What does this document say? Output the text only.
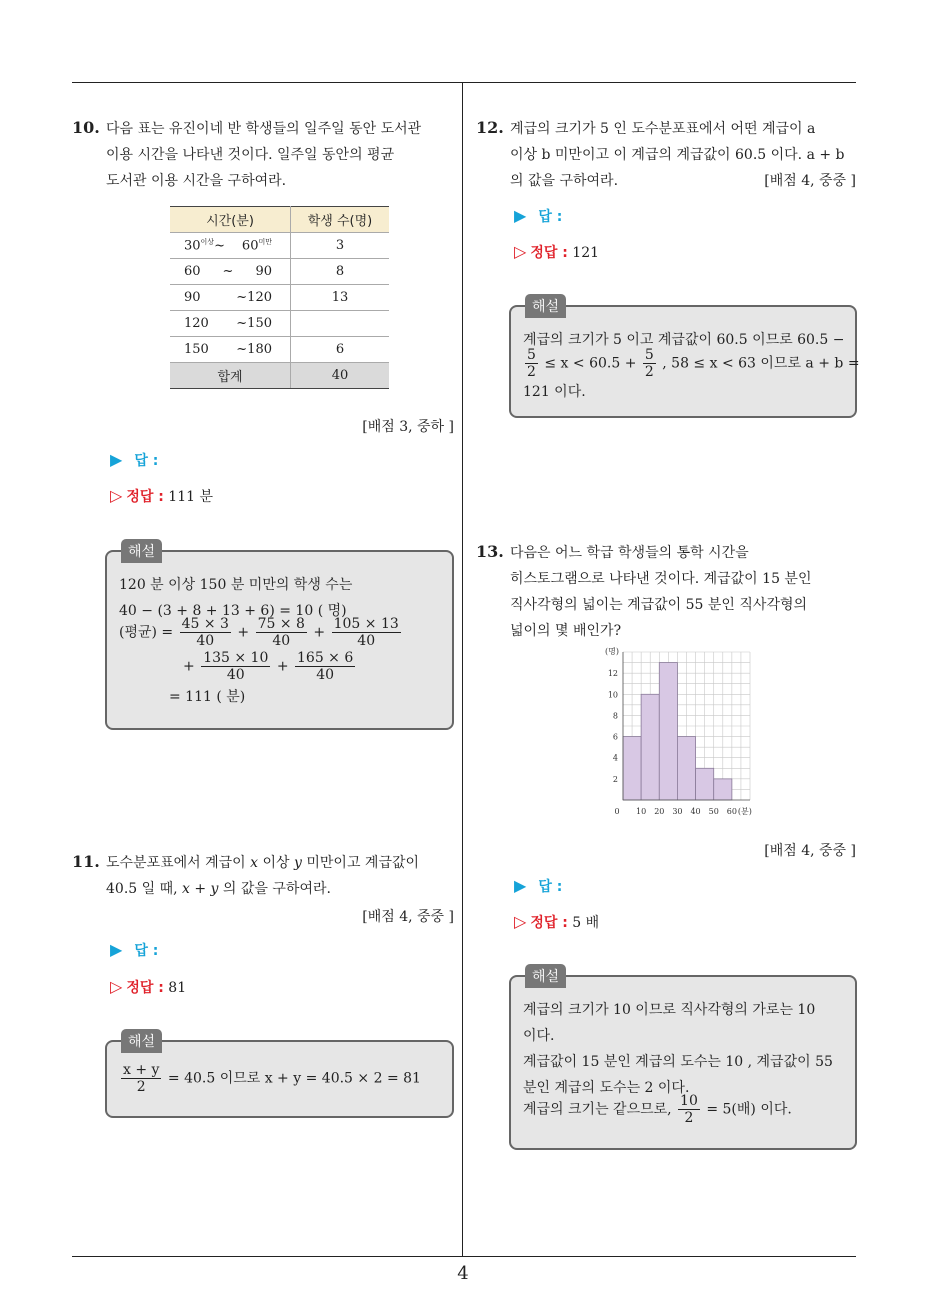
10. 다음 표는 유진이네 반 학생들의 일주일 동안 도서관
이용 시간을 나타낸 것이다. 일주일 동안의 평균
도서관 이용 시간을 구하여라.
시간(분)	학생 수(명)

$30^{이상}\sim$ $60^{미만}$	3

60 ~ 90	8

90 ~120	13

120 ~150	

150 ~180	6
합계	40
[배점 3, 중하 ]
▶ 답 :
▷ 정답 : 111 분
해설
120 분 이상 150 분 미만의 학생 수는
40 − (3 + 8 + 13 + 6) = 10 ( 명)
(평균) = $\frac{45 \times 3}{40} + \frac{75 \times 8}{40} + \frac{105 \times 13}{40}$
+ $\frac{135 \times 10}{40} + \frac{165 \times 6}{40}$
= 111 ( 분)
11. 도수분포표에서 계급이 x 이상 y 미만이고 계급값이
40.5 일 때, x + y 의 값을 구하여라.
[배점 4, 중중 ]
▶ 답 :
▷ 정답 : 81
해설
$\frac{x + y}{2} = 40.5$ 이므로 x + y = 40.5 × 2 = 81
12. 계급의 크기가 5 인 도수분포표에서 어떤 계급이 a
이상 b 미만이고 이 계급의 계급값이 60.5 이다. a + b
의 값을 구하여라.	[배점 4, 중중 ]
▶ 답 :
▷ 정답 : 121
해설
계급의 크기가 5 이고 계급값이 60.5 이므로 60.5 −
$\frac{5}{2} \le x < 60.5 + \frac{5}{2}$ , 58 ≤ x < 63 이므로 a + b =
121 이다.
13. 다음은 어느 학급 학생들의 통학 시간을
히스토그램으로 나타낸 것이다. 계급값이 15 분인
직사각형의 넓이는 계급값이 55 분인 직사각형의
넓이의 몇 배인가?
2
4
6
8
10
12
0 10 20 30 40 50 60
(명)
(분)
[배점 4, 중중 ]
▶ 답 :
▷ 정답 : 5 배
해설
계급의 크기가 10 이므로 직사각형의 가로는 10
이다.
계급값이 15 분인 계급의 도수는 10 , 계급값이 55
분인 계급의 도수는 2 이다.
계급의 크기는 같으므로, $\frac{10}{2} = 5$(배) 이다.
4
